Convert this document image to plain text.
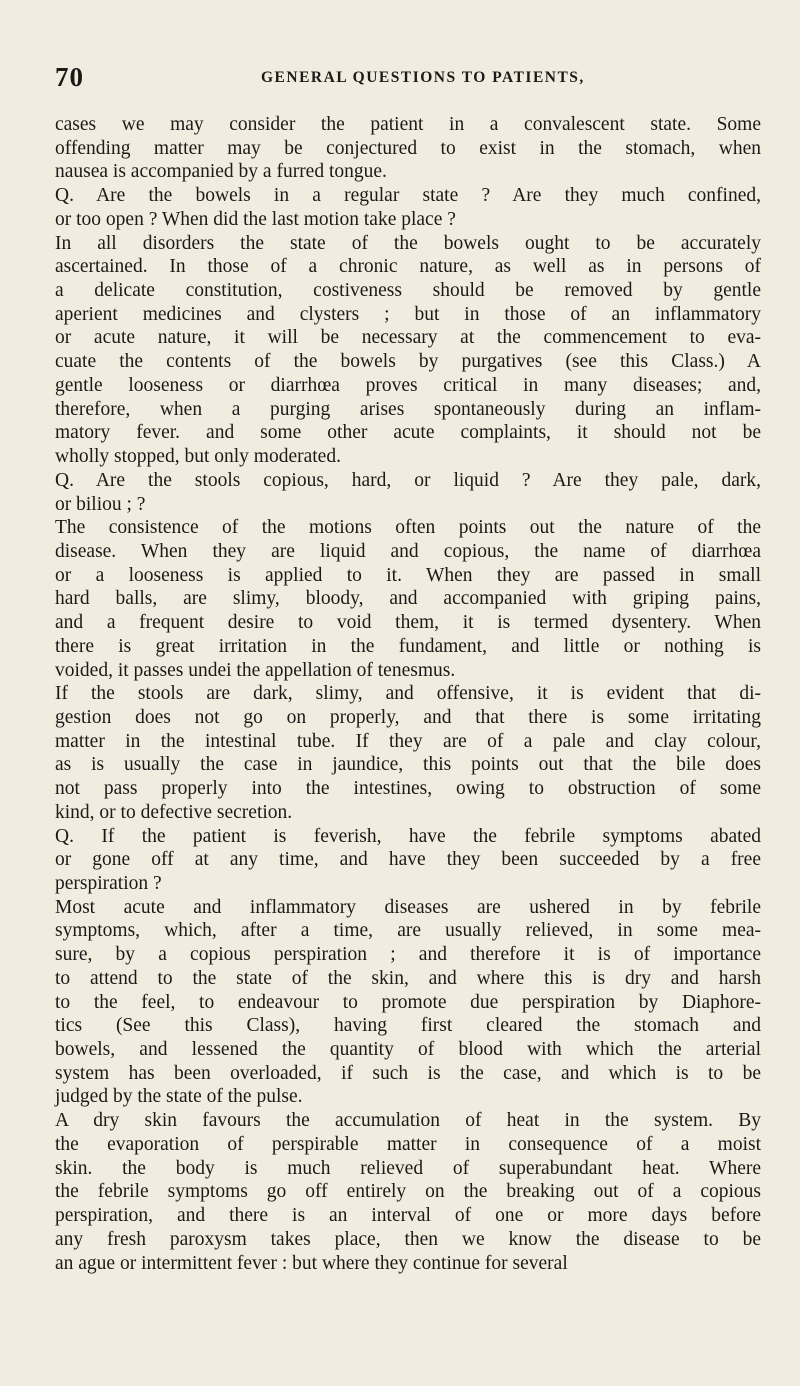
70	GENERAL QUESTIONS TO PATIENTS,
cases we may consider the patient in a convalescent state. Some
offending matter may be conjectured to exist in the stomach, when
nausea is accompanied by a furred tongue.
Q. Are the bowels in a regular state ? Are they much confined,
or too open ? When did the last motion take place ?
In all disorders the state of the bowels ought to be accurately
ascertained. In those of a chronic nature, as well as in persons of
a delicate constitution, costiveness should be removed by gentle
aperient medicines and clysters ; but in those of an inflammatory
or acute nature, it will be necessary at the commencement to eva-
cuate the contents of the bowels by purgatives (see this Class.) A
gentle looseness or diarrhœa proves critical in many diseases; and,
therefore, when a purging arises spontaneously during an inflam-
matory fever. and some other acute complaints, it should not be
wholly stopped, but only moderated.
Q. Are the stools copious, hard, or liquid ? Are they pale, dark,
or biliou ; ?
The consistence of the motions often points out the nature of the
disease. When they are liquid and copious, the name of diarrhœa
or a looseness is applied to it. When they are passed in small
hard balls, are slimy, bloody, and accompanied with griping pains,
and a frequent desire to void them, it is termed dysentery. When
there is great irritation in the fundament, and little or nothing is
voided, it passes undei the appellation of tenesmus.
If the stools are dark, slimy, and offensive, it is evident that di-
gestion does not go on properly, and that there is some irritating
matter in the intestinal tube. If they are of a pale and clay colour,
as is usually the case in jaundice, this points out that the bile does
not pass properly into the intestines, owing to obstruction of some
kind, or to defective secretion.
Q. If the patient is feverish, have the febrile symptoms abated
or gone off at any time, and have they been succeeded by a free
perspiration ?
Most acute and inflammatory diseases are ushered in by febrile
symptoms, which, after a time, are usually relieved, in some mea-
sure, by a copious perspiration ; and therefore it is of importance
to attend to the state of the skin, and where this is dry and harsh
to the feel, to endeavour to promote due perspiration by Diaphore-
tics (See this Class), having first cleared the stomach and
bowels, and lessened the quantity of blood with which the arterial
system has been overloaded, if such is the case, and which is to be
judged by the state of the pulse.
A dry skin favours the accumulation of heat in the system. By
the evaporation of perspirable matter in consequence of a moist
skin. the body is much relieved of superabundant heat. Where
the febrile symptoms go off entirely on the breaking out of a copious
perspiration, and there is an interval of one or more days before
any fresh paroxysm takes place, then we know the disease to be
an ague or intermittent fever : but where they continue for several
